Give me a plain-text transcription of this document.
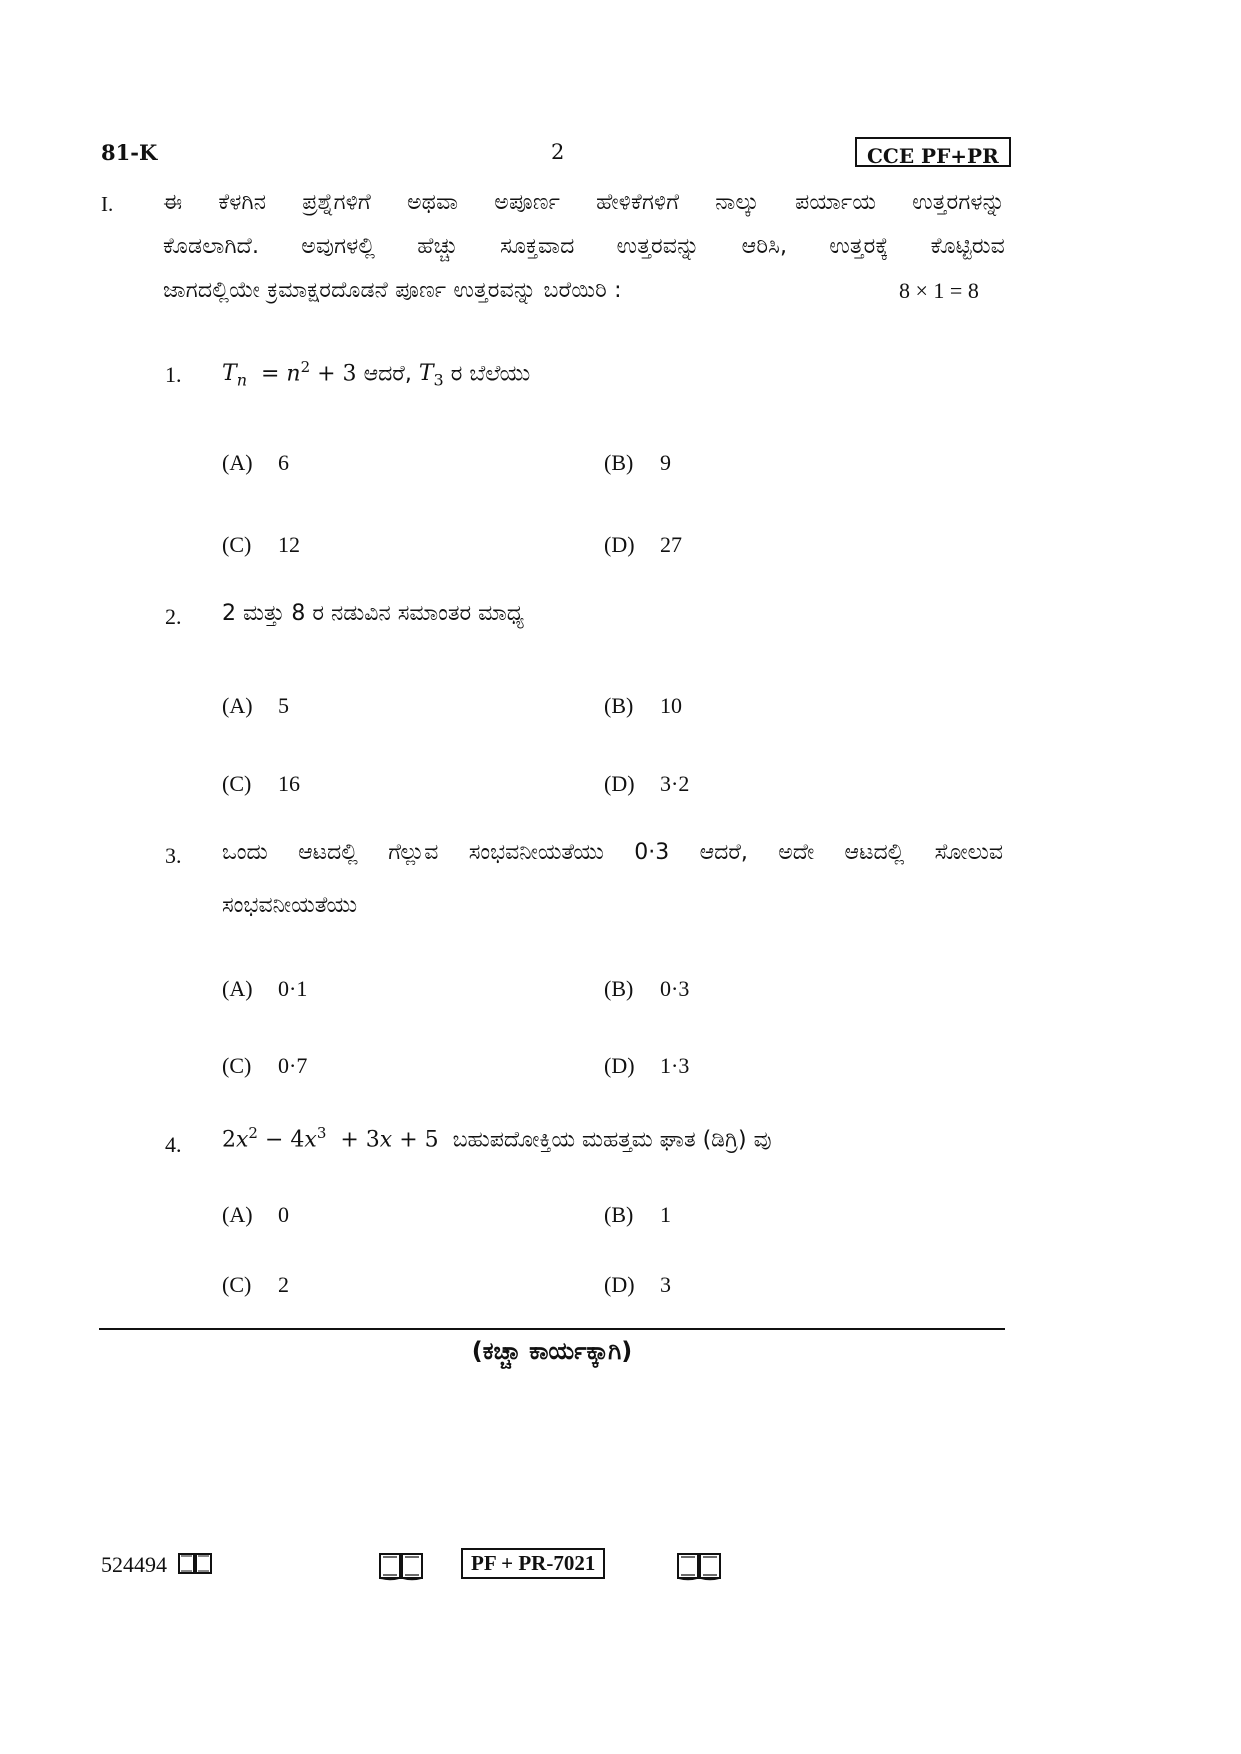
81-K	2	CCE PF+PR
I. ಈ ಕೆಳಗಿನ ಪ್ರಶ್ನೆಗಳಿಗೆ ಅಥವಾ ಅಪೂರ್ಣ ಹೇಳಿಕೆಗಳಿಗೆ ನಾಲ್ಕು ಪರ್ಯಾಯ ಉತ್ತರಗಳನ್ನು
ಕೊಡಲಾಗಿದೆ. ಅವುಗಳಲ್ಲಿ ಹೆಚ್ಚು ಸೂಕ್ತವಾದ ಉತ್ತರವನ್ನು ಆರಿಸಿ, ಉತ್ತರಕ್ಕೆ ಕೊಟ್ಟಿರುವ
ಜಾಗದಲ್ಲಿಯೇ ಕ್ರಮಾಕ್ಷರದೊಡನೆ ಪೂರ್ಣ ಉತ್ತರವನ್ನು ಬರೆಯಿರಿ :	8 × 1 = 8
1. $T_n = n^2 + 3$ ಆದರೆ, $T_3$ ರ ಬೆಲೆಯು
(A) 6	(B) 9
(C) 12	(D) 27
2. 2 ಮತ್ತು 8 ರ ನಡುವಿನ ಸಮಾಂತರ ಮಾಧ್ಯ
(A) 5	(B) 10
(C) 16	(D) 3·2
3. ಒಂದು ಆಟದಲ್ಲಿ ಗೆಲ್ಲುವ ಸಂಭವನೀಯತೆಯು 0·3 ಆದರೆ, ಅದೇ ಆಟದಲ್ಲಿ ಸೋಲುವ
ಸಂಭವನೀಯತೆಯು
(A) 0·1	(B) 0·3
(C) 0·7	(D) 1·3
4. $2x^2 - 4x^3 + 3x + 5$  ಬಹುಪದೋಕ್ತಿಯ ಮಹತ್ತಮ ಘಾತ (ಡಿಗ್ರಿ) ವು
(A) 0	(B) 1
(C) 2	(D) 3
(ಕಚ್ಚಾ ಕಾರ್ಯಕ್ಕಾಗಿ)
524494	PF + PR-7021
